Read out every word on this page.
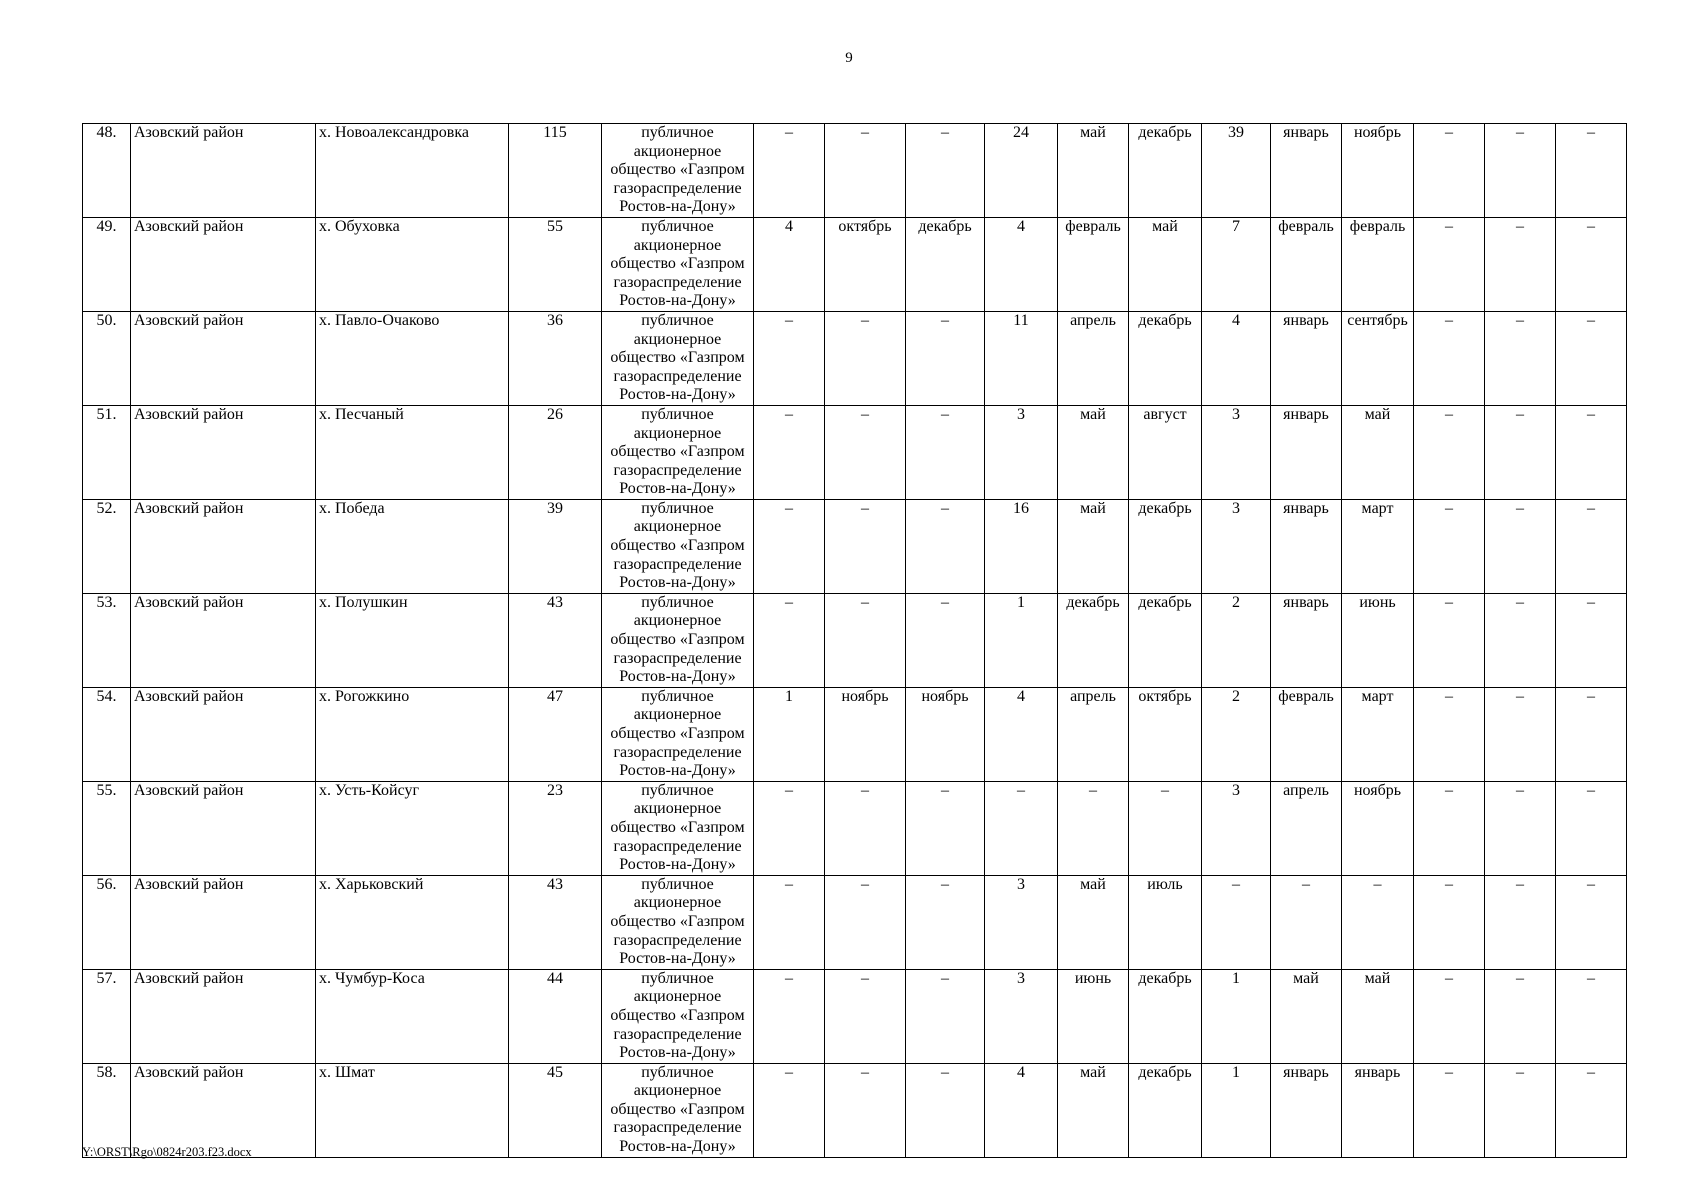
9
48.	Азовский район	х. Новоалександровка	115	публичное акционерное общество «Газпром газораспределение Ростов-на-Дону»	–	–	–	24	май	декабрь	39	январь	ноябрь	–	–	–
49.	Азовский район	х. Обуховка	55	публичное акционерное общество «Газпром газораспределение Ростов-на-Дону»	4	октябрь	декабрь	4	февраль	май	7	февраль	февраль	–	–	–
50.	Азовский район	х. Павло-Очаково	36	публичное акционерное общество «Газпром газораспределение Ростов-на-Дону»	–	–	–	11	апрель	декабрь	4	январь	сентябрь	–	–	–
51.	Азовский район	х. Песчаный	26	публичное акционерное общество «Газпром газораспределение Ростов-на-Дону»	–	–	–	3	май	август	3	январь	май	–	–	–
52.	Азовский район	х. Победа	39	публичное акционерное общество «Газпром газораспределение Ростов-на-Дону»	–	–	–	16	май	декабрь	3	январь	март	–	–	–
53.	Азовский район	х. Полушкин	43	публичное акционерное общество «Газпром газораспределение Ростов-на-Дону»	–	–	–	1	декабрь	декабрь	2	январь	июнь	–	–	–
54.	Азовский район	х. Рогожкино	47	публичное акционерное общество «Газпром газораспределение Ростов-на-Дону»	1	ноябрь	ноябрь	4	апрель	октябрь	2	февраль	март	–	–	–
55.	Азовский район	х. Усть-Койсуг	23	публичное акционерное общество «Газпром газораспределение Ростов-на-Дону»	–	–	–	–	–	–	3	апрель	ноябрь	–	–	–
56.	Азовский район	х. Харьковский	43	публичное акционерное общество «Газпром газораспределение Ростов-на-Дону»	–	–	–	3	май	июль	–	–	–	–	–	–
57.	Азовский район	х. Чумбур-Коса	44	публичное акционерное общество «Газпром газораспределение Ростов-на-Дону»	–	–	–	3	июнь	декабрь	1	май	май	–	–	–
58.	Азовский район	х. Шмат	45	публичное акционерное общество «Газпром газораспределение Ростов-на-Дону»	–	–	–	4	май	декабрь	1	январь	январь	–	–	–
Y:\ORST\Rgo\0824r203.f23.docx
